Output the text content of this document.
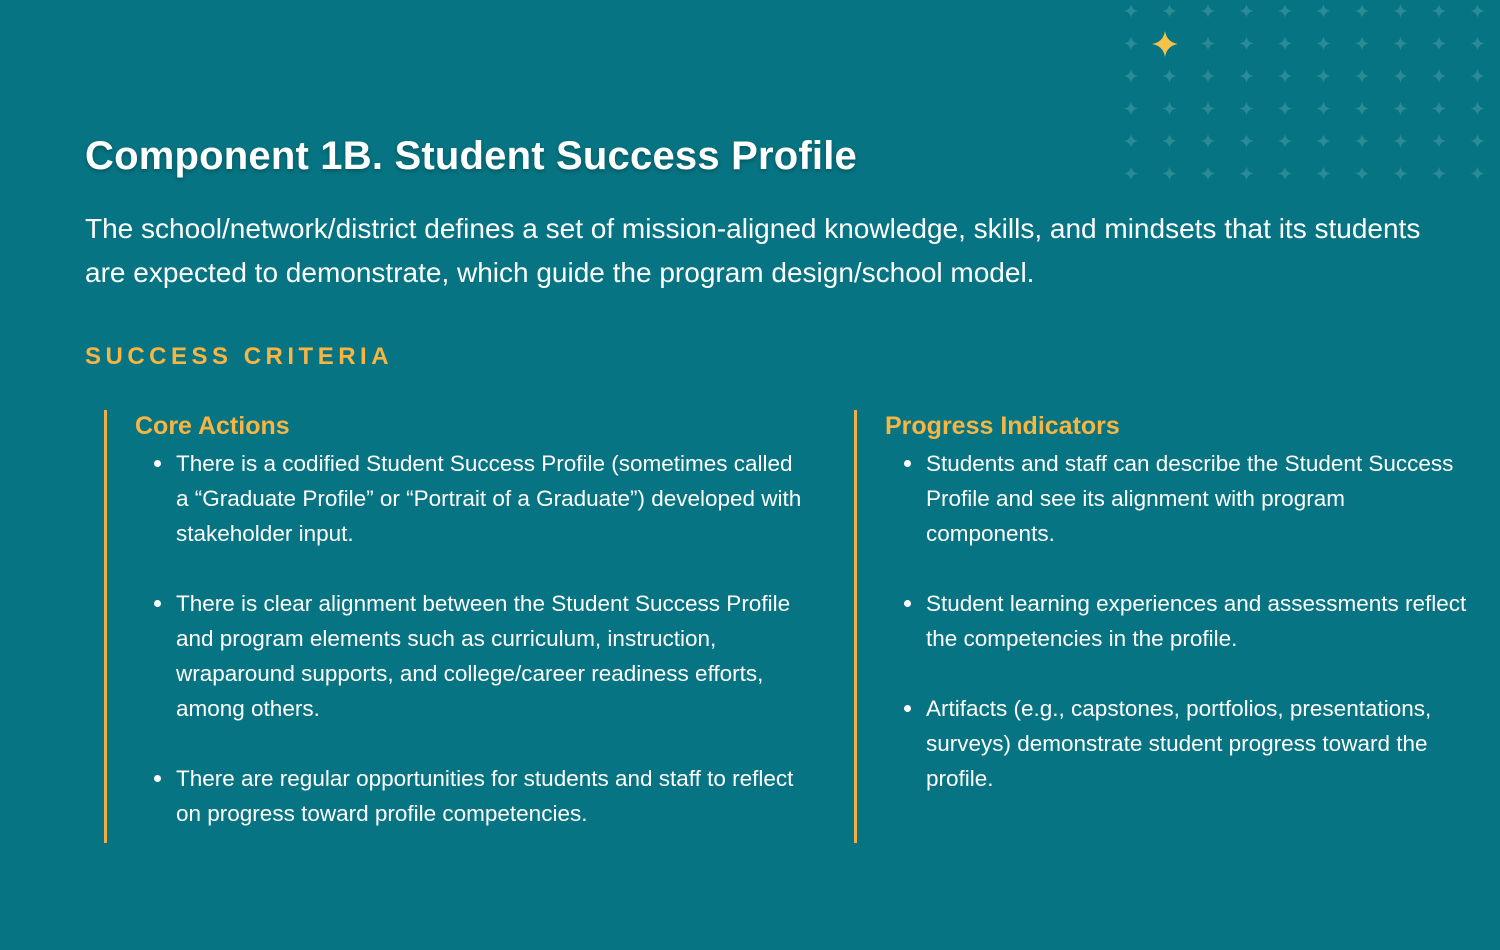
Component 1B. Student Success Profile

The school/network/district defines a set of mission-aligned knowledge, skills, and mindsets that its students are expected to demonstrate, which guide the program design/school model.

SUCCESS CRITERIA
Core Actions
There is a codified Student Success Profile (sometimes called a “Graduate Profile” or “Portrait of a Graduate”) developed with stakeholder input.
There is clear alignment between the Student Success Profile and program elements such as curriculum, instruction, wraparound supports, and college/career readiness efforts, among others.
There are regular opportunities for students and staff to reflect on progress toward profile competencies.
Progress Indicators
Students and staff can describe the Student Success Profile and see its alignment with program components.
Student learning experiences and assessments reflect the competencies in the profile.
Artifacts (e.g., capstones, portfolios, presentations, surveys) demonstrate student progress toward the profile.
